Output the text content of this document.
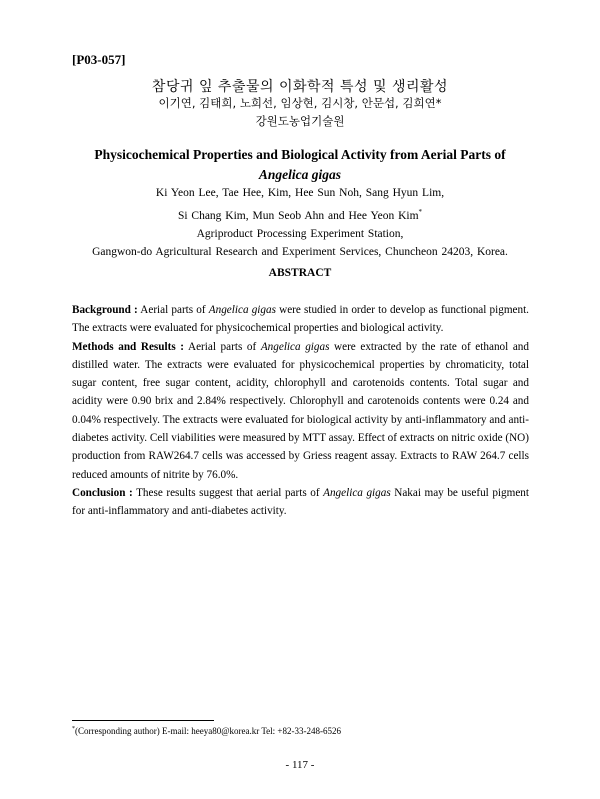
[P03-057]
참당귀 잎 추출물의 이화학적 특성 및 생리활성
이기연, 김태희, 노희선, 임상현, 김시창, 안문섭, 김희연*
강원도농업기술원
Physicochemical Properties and Biological Activity from Aerial Parts of
Angelica gigas
Ki Yeon Lee, Tae Hee, Kim, Hee Sun Noh, Sang Hyun Lim,
Si Chang Kim, Mun Seob Ahn and Hee Yeon Kim*
Agriproduct Processing Experiment Station,
Gangwon-do Agricultural Research and Experiment Services, Chuncheon 24203, Korea.
ABSTRACT

Background : Aerial parts of Angelica gigas were studied in order to develop as functional pigment. The extracts were evaluated for physicochemical properties and biological activity.

Methods and Results : Aerial parts of Angelica gigas were extracted by the rate of ethanol and distilled water. The extracts were evaluated for physicochemical properties by chromaticity, total sugar content, free sugar content, acidity, chlorophyll and carotenoids contents. Total sugar and acidity were 0.90 brix and 2.84% respectively. Chlorophyll and carotenoids contents were 0.24 and 0.04% respectively. The extracts were evaluated for biological activity by anti-inflammatory and anti-diabetes activity. Cell viabilities were measured by MTT assay. Effect of extracts on nitric oxide (NO) production from RAW264.7 cells was accessed by Griess reagent assay. Extracts to RAW 264.7 cells reduced amounts of nitrite by 76.0%.

Conclusion : These results suggest that aerial parts of Angelica gigas Nakai may be useful pigment for anti-inflammatory and anti-diabetes activity.

*(Corresponding author) E-mail: heeya80@korea.kr Tel: +82-33-248-6526
- 117 -
